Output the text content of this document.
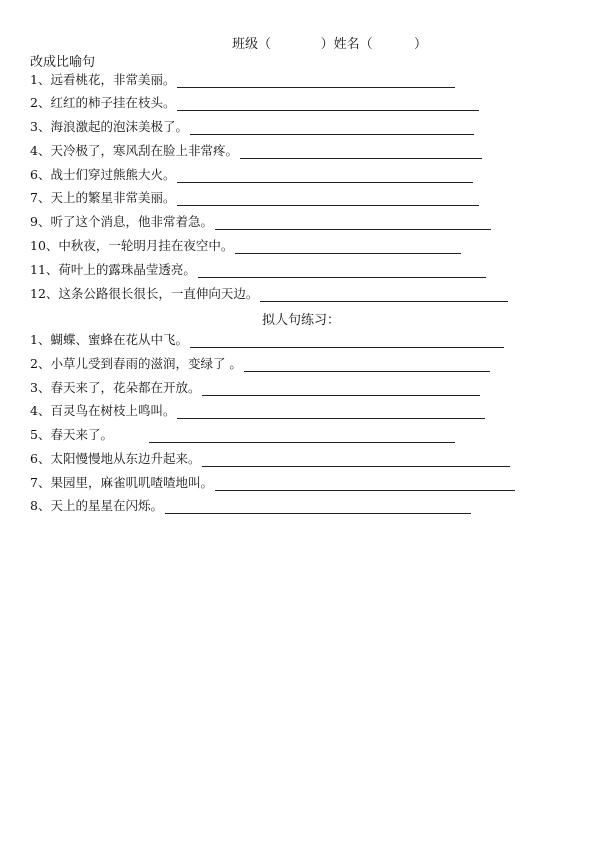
班级（	）姓名（	）
改成比喻句
1、远看桃花，非常美丽。
2、红红的柿子挂在枝头。
3、海浪激起的泡沫美极了。
4、天冷极了，寒风刮在脸上非常疼。
6、战士们穿过熊熊大火。
7、天上的繁星非常美丽。
9、听了这个消息，他非常着急。
10、中秋夜，一轮明月挂在夜空中。
11、荷叶上的露珠晶莹透亮。
12、这条公路很长很长，一直伸向天边。
拟人句练习：
1、蝴蝶、蜜蜂在花从中飞。
2、小草儿受到春雨的滋润，变绿了 。
3、春天来了，花朵都在开放。
4、百灵鸟在树枝上鸣叫。
5、春天来了。
6、太阳慢慢地从东边升起来。
7、果园里，麻雀叽叽喳喳地叫。
8、天上的星星在闪烁。
